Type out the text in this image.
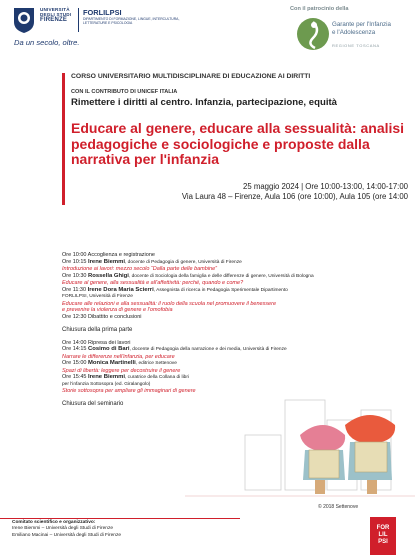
UNIVERSITÀ
DEGLI STUDI
FIRENZE
FORLILPSI
DIPARTIMENTO DI FORMAZIONE, LINGUE, INTERCULTURA, LETTERATURE E PSICOLOGIA
Da un secolo, oltre.
Con il patrocinio della
Garante per l'Infanzia
e l'Adolescenza
REGIONE TOSCANA
CORSO UNIVERSITARIO MULTIDISCIPLINARE DI EDUCAZIONE AI DIRITTI
CON IL CONTRIBUTO DI UNICEF ITALIA
Rimettere i diritti al centro. Infanzia, partecipazione, equità
Educare al genere, educare alla sessualità: analisi pedagogiche e sociologiche e proposte dalla narrativa per l'infanzia
25 maggio 2024 | Ore 10:00-13:00, 14:00-17:00
Via Laura 48 – Firenze, Aula 106 (ore 10:00), Aula 105 (ore 14:00
Ore 10:00 Accoglienza e registrazione
Ore 10:15 Irene Biemmi, docente di Pedagogia di genere, Università di Firenze
Introduzione ai lavori: mezzo secolo “Dalla parte delle bambine”
Ore 10:30 Rossella Ghigi, docente di Sociologia della famiglia e delle differenze di genere, Università di Bologna
Educare al genere, alla sessualità e all'affettività: perché, quando e come?
Ore 11:30 Irene Dora Maria Scierri, Assegnista di ricerca in Pedagogia Sperimentale Dipartimento
FORLILPSI, Università di Firenze
Educare alle relazioni e alla sessualità: il ruolo della scuola nel promuovere il benessere
e prevenire la violenza di genere e l'omofobia
Ore 12:30 Dibattito e conclusioni
Chiusura della prima parte
Ore 14:00 Ripresa dei lavori
Ore 14:15 Cosimo di Bari, docente di Pedagogia della narrazione e dei media, Università di Firenze
Narrare le differenze nell'infanzia, per educare
Ore 15:00 Monica Martinelli, editrice Settenove
Spazi di libertà: leggere per decostruire il genere
Ore 15:45 Irene Biemmi, curatrice della Collana di libri
per l'infanzia Sottosopra (ed. Giralangolo)
Storie sottosopra per ampliare gli immaginari di genere
Chiusura del seminario
© 2018 Settenove
Comitato scientifico e organizzativo:
Irene Biemmi – Università degli Studi di Firenze
Emiliano Macinai – Università degli Studi di Firenze
FOR
LIL
PSI
